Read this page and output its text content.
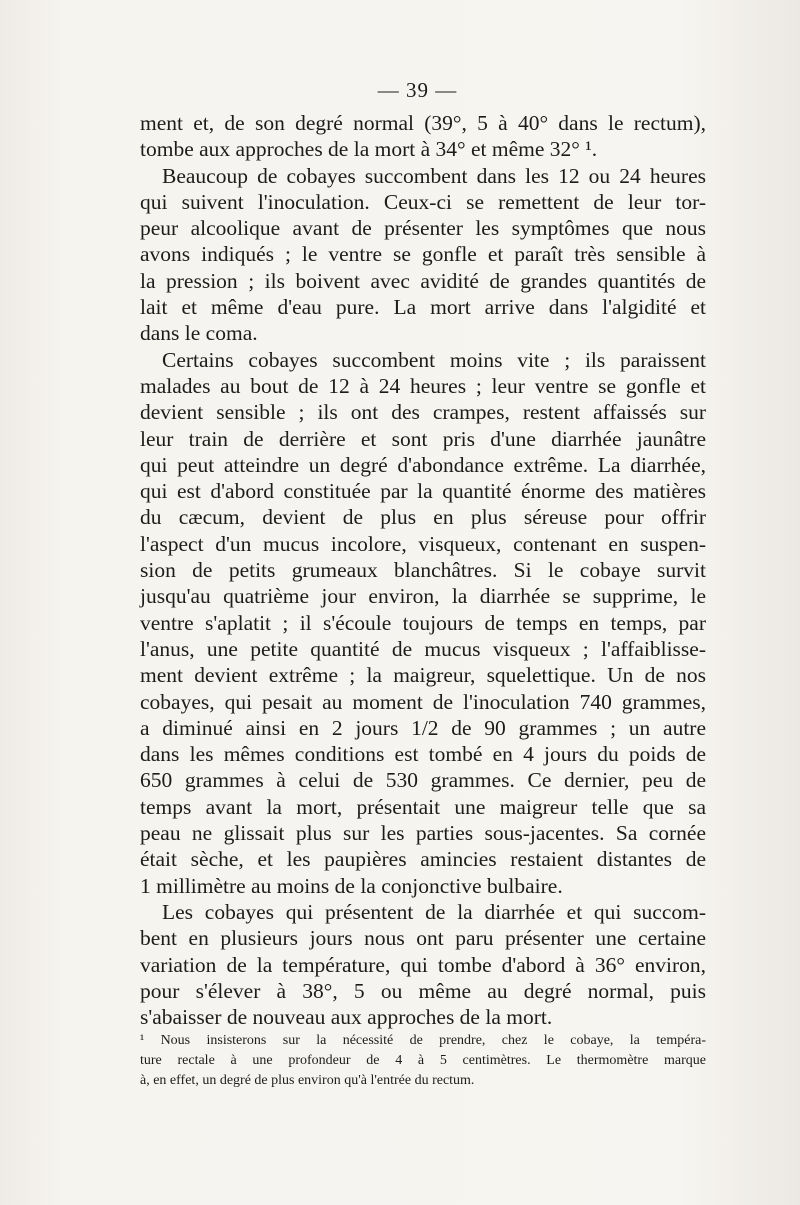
— 39 —
ment et, de son degré normal (39°, 5 à 40° dans le rectum),
tombe aux approches de la mort à 34° et même 32° ¹.
Beaucoup de cobayes succombent dans les 12 ou 24 heures
qui suivent l'inoculation. Ceux-ci se remettent de leur tor-
peur alcoolique avant de présenter les symptômes que nous
avons indiqués ; le ventre se gonfle et paraît très sensible à
la pression ; ils boivent avec avidité de grandes quantités de
lait et même d'eau pure. La mort arrive dans l'algidité et
dans le coma.
Certains cobayes succombent moins vite ; ils paraissent
malades au bout de 12 à 24 heures ; leur ventre se gonfle et
devient sensible ; ils ont des crampes, restent affaissés sur
leur train de derrière et sont pris d'une diarrhée jaunâtre
qui peut atteindre un degré d'abondance extrême. La diarrhée,
qui est d'abord constituée par la quantité énorme des matières
du cæcum, devient de plus en plus séreuse pour offrir
l'aspect d'un mucus incolore, visqueux, contenant en suspen-
sion de petits grumeaux blanchâtres. Si le cobaye survit
jusqu'au quatrième jour environ, la diarrhée se supprime, le
ventre s'aplatit ; il s'écoule toujours de temps en temps, par
l'anus, une petite quantité de mucus visqueux ; l'affaiblisse-
ment devient extrême ; la maigreur, squelettique. Un de nos
cobayes, qui pesait au moment de l'inoculation 740 grammes,
a diminué ainsi en 2 jours 1/2 de 90 grammes ; un autre
dans les mêmes conditions est tombé en 4 jours du poids de
650 grammes à celui de 530 grammes. Ce dernier, peu de
temps avant la mort, présentait une maigreur telle que sa
peau ne glissait plus sur les parties sous-jacentes. Sa cornée
était sèche, et les paupières amincies restaient distantes de
1 millimètre au moins de la conjonctive bulbaire.
Les cobayes qui présentent de la diarrhée et qui succom-
bent en plusieurs jours nous ont paru présenter une certaine
variation de la température, qui tombe d'abord à 36° environ,
pour s'élever à 38°, 5 ou même au degré normal, puis
s'abaisser de nouveau aux approches de la mort.
¹ Nous insisterons sur la nécessité de prendre, chez le cobaye, la tempéra-
ture rectale à une profondeur de 4 à 5 centimètres. Le thermomètre marque
à, en effet, un degré de plus environ qu'à l'entrée du rectum.
